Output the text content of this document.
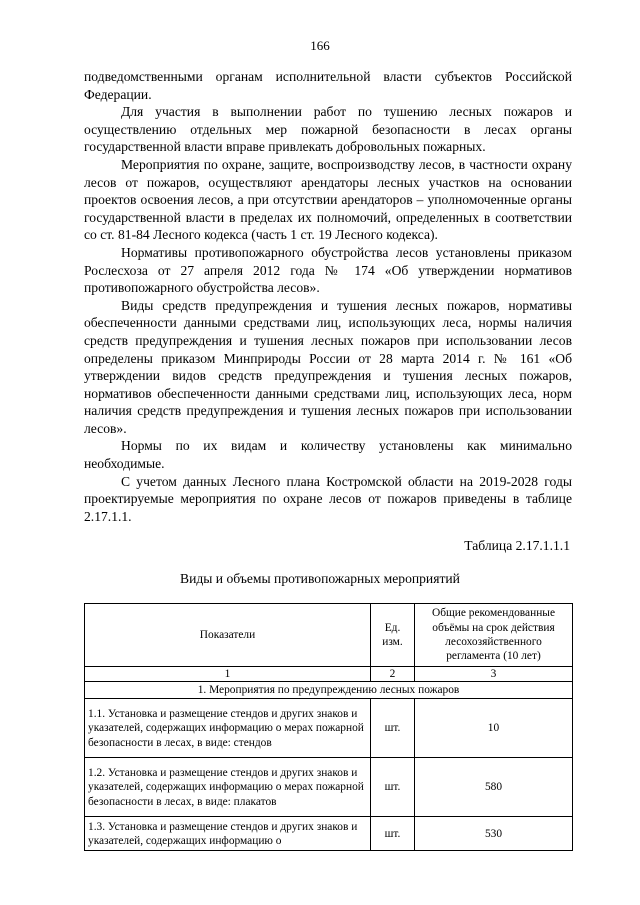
166

подведомственными органам исполнительной власти субъектов Российской Федерации.

Для участия в выполнении работ по тушению лесных пожаров и осуществлению отдельных мер пожарной безопасности в лесах органы государственной власти вправе привлекать добровольных пожарных.

Мероприятия по охране, защите, воспроизводству лесов, в частности охрану лесов от пожаров, осуществляют арендаторы лесных участков на основании проектов освоения лесов, а при отсутствии арендаторов – уполномоченные органы государственной власти в пределах их полномочий, определенных в соответствии со ст. 81-84 Лесного кодекса (часть 1 ст. 19 Лесного кодекса).

Нормативы противопожарного обустройства лесов установлены приказом Рослесхоза от 27 апреля 2012 года № 174 «Об утверждении нормативов противопожарного обустройства лесов».

Виды средств предупреждения и тушения лесных пожаров, нормативы обеспеченности данными средствами лиц, использующих леса, нормы наличия средств предупреждения и тушения лесных пожаров при использовании лесов определены приказом Минприроды России от 28 марта 2014 г. № 161 «Об утверждении видов средств предупреждения и тушения лесных пожаров, нормативов обеспеченности данными средствами лиц, использующих леса, норм наличия средств предупреждения и тушения лесных пожаров при использовании лесов».

Нормы по их видам и количеству установлены как минимально необходимые.

С учетом данных Лесного плана Костромской области на 2019-2028 годы проектируемые мероприятия по охране лесов от пожаров приведены в таблице 2.17.1.1.

Таблица 2.17.1.1.1
Виды и объемы противопожарных мероприятий
Показатели	Ед. изм.	Общие рекомендованные объёмы на срок действия лесохозяйственного регламента (10 лет)
1	2	3
1. Мероприятия по предупреждению лесных пожаров		
1.1. Установка и размещение стендов и других знаков и указателей, содержащих информацию о мерах пожарной безопасности в лесах, в виде: стендов	шт.	10
1.2. Установка и размещение стендов и других знаков и указателей, содержащих информацию о мерах пожарной безопасности в лесах, в виде: плакатов	шт.	580
1.3. Установка и размещение стендов и других знаков и указателей, содержащих информацию о	шт.	530
